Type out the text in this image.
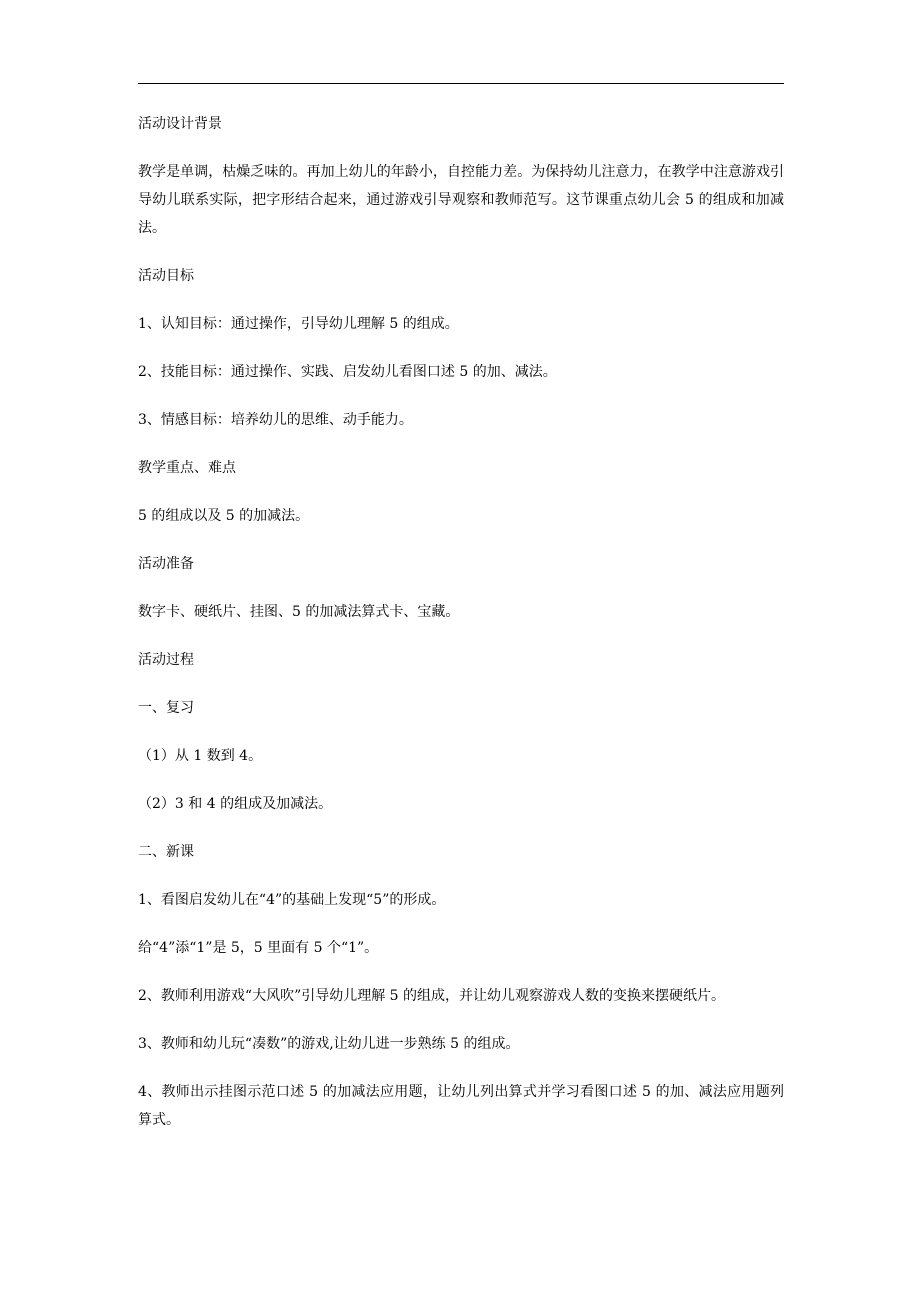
活动设计背景

教学是单调，枯燥乏味的。再加上幼儿的年龄小，自控能力差。为保持幼儿注意力，在教学中注意游戏引导幼儿联系实际，把字形结合起来，通过游戏引导观察和教师范写。这节课重点幼儿会 5 的组成和加减法。

活动目标

1、认知目标：通过操作，引导幼儿理解 5 的组成。

2、技能目标：通过操作、实践、启发幼儿看图口述 5 的加、减法。

3、情感目标：培养幼儿的思维、动手能力。

教学重点、难点

5 的组成以及 5 的加减法。

活动准备

数字卡、硬纸片、挂图、5 的加减法算式卡、宝藏。

活动过程

一、复习

（1）从 1 数到 4。

（2）3 和 4 的组成及加减法。

二、新课

1、看图启发幼儿在“4”的基础上发现“5”的形成。

给“4”添“1”是 5，5 里面有 5 个“1”。

2、教师利用游戏“大风吹”引导幼儿理解 5 的组成，并让幼儿观察游戏人数的变换来摆硬纸片。

3、教师和幼儿玩“凑数”的游戏,让幼儿进一步熟练 5 的组成。

4、教师出示挂图示范口述 5 的加减法应用题，让幼儿列出算式并学习看图口述 5 的加、减法应用题列算式。
